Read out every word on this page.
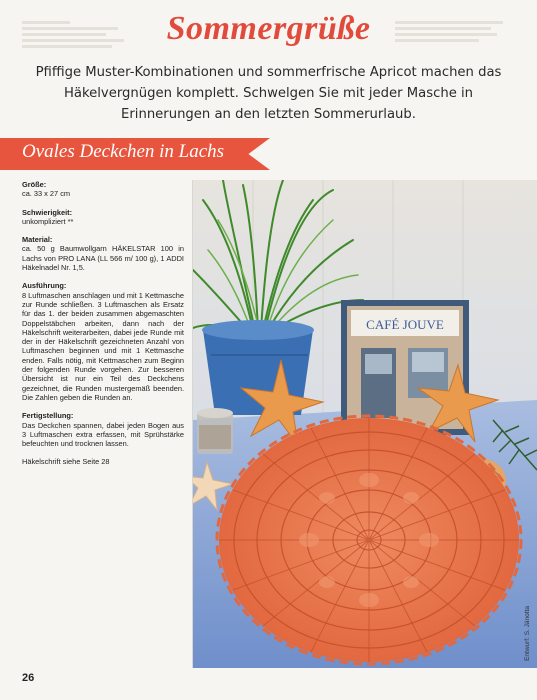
Sommergrüße
Pfiffige Muster-Kombinationen und sommerfrische Apricot machen das Häkelvergnügen komplett. Schwelgen Sie mit jeder Masche in Erinnerungen an den letzten Sommerurlaub.
Ovales Deckchen in Lachs
Größe:
ca. 33 x 27 cm
Schwierigkeit:
unkompliziert **
Material:
ca. 50 g Baumwollgarn HÄKELSTAR 100 in Lachs von PRO LANA (LL 566 m/ 100 g), 1 ADDI Häkelnadel Nr. 1,5.
Ausführung:
8 Luftmaschen anschlagen und mit 1 Kettmasche zur Runde schließen. 3 Luftmaschen als Ersatz für das 1. der beiden zusammen abgemaschten Doppelstäbchen arbeiten, dann nach der Häkelschrift weiterarbeiten, dabei jede Runde mit der in der Häkelschrift gezeichneten Anzahl von Luftmaschen beginnen und mit 1 Kettmasche enden. Falls nötig, mit Kettmaschen zum Beginn der folgenden Runde vorgehen. Zur besseren Übersicht ist nur ein Teil des Deckchens gezeichnet, die Runden mustergemäß beenden. Die Zahlen geben die Runden an.
Fertigstellung:
Das Deckchen spannen, dabei jeden Bogen aus 3 Luftmaschen extra erfassen, mit Sprühstärke befeuchten und trocknen lassen.
Häkelschrift siehe Seite 28
CAFÉ JOUVE
Entwurf: S. Jänotta
26
